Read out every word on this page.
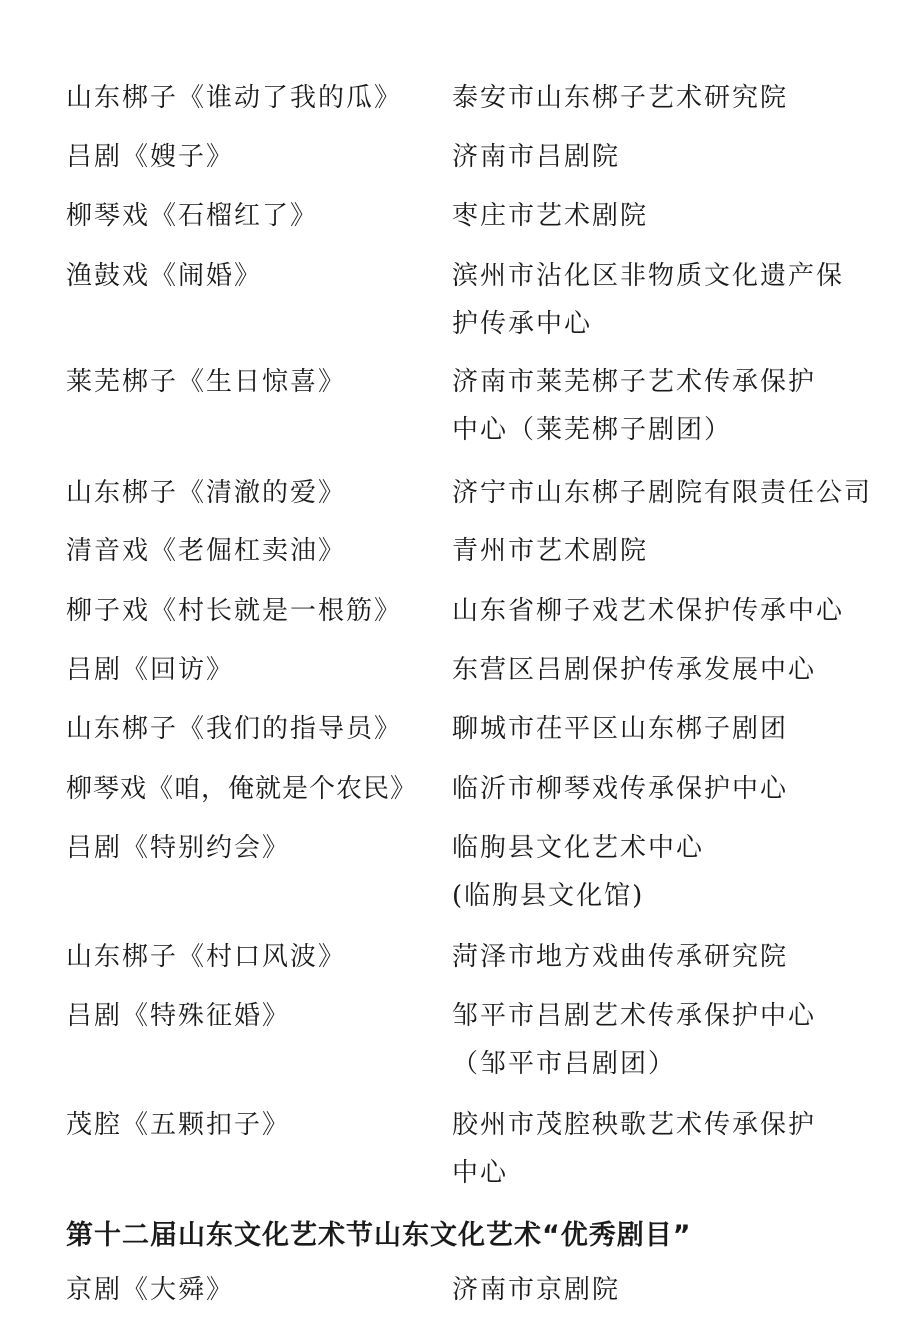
山东梆子《谁动了我的瓜》 泰安市山东梆子艺术研究院
吕剧《嫂子》	济南市吕剧院
柳琴戏《石榴红了》	枣庄市艺术剧院
渔鼓戏《闹婚》	滨州市沾化区非物质文化遗产保
护传承中心
莱芜梆子《生日惊喜》	济南市莱芜梆子艺术传承保护
中心（莱芜梆子剧团）
山东梆子《清澈的爱》	济宁市山东梆子剧院有限责任公司
清音戏《老倔杠卖油》	青州市艺术剧院
柳子戏《村长就是一根筋》 山东省柳子戏艺术保护传承中心
吕剧《回访》	东营区吕剧保护传承发展中心
山东梆子《我们的指导员》 聊城市茌平区山东梆子剧团
柳琴戏《咱，俺就是个农民》 临沂市柳琴戏传承保护中心
吕剧《特别约会》	临朐县文化艺术中心
(临朐县文化馆)
山东梆子《村口风波》	菏泽市地方戏曲传承研究院
吕剧《特殊征婚》	邹平市吕剧艺术传承保护中心
（邹平市吕剧团）
茂腔《五颗扣子》	胶州市茂腔秧歌艺术传承保护
中心
第十二届山东文化艺术节山东文化艺术“优秀剧目”
京剧《大舜》	济南市京剧院
